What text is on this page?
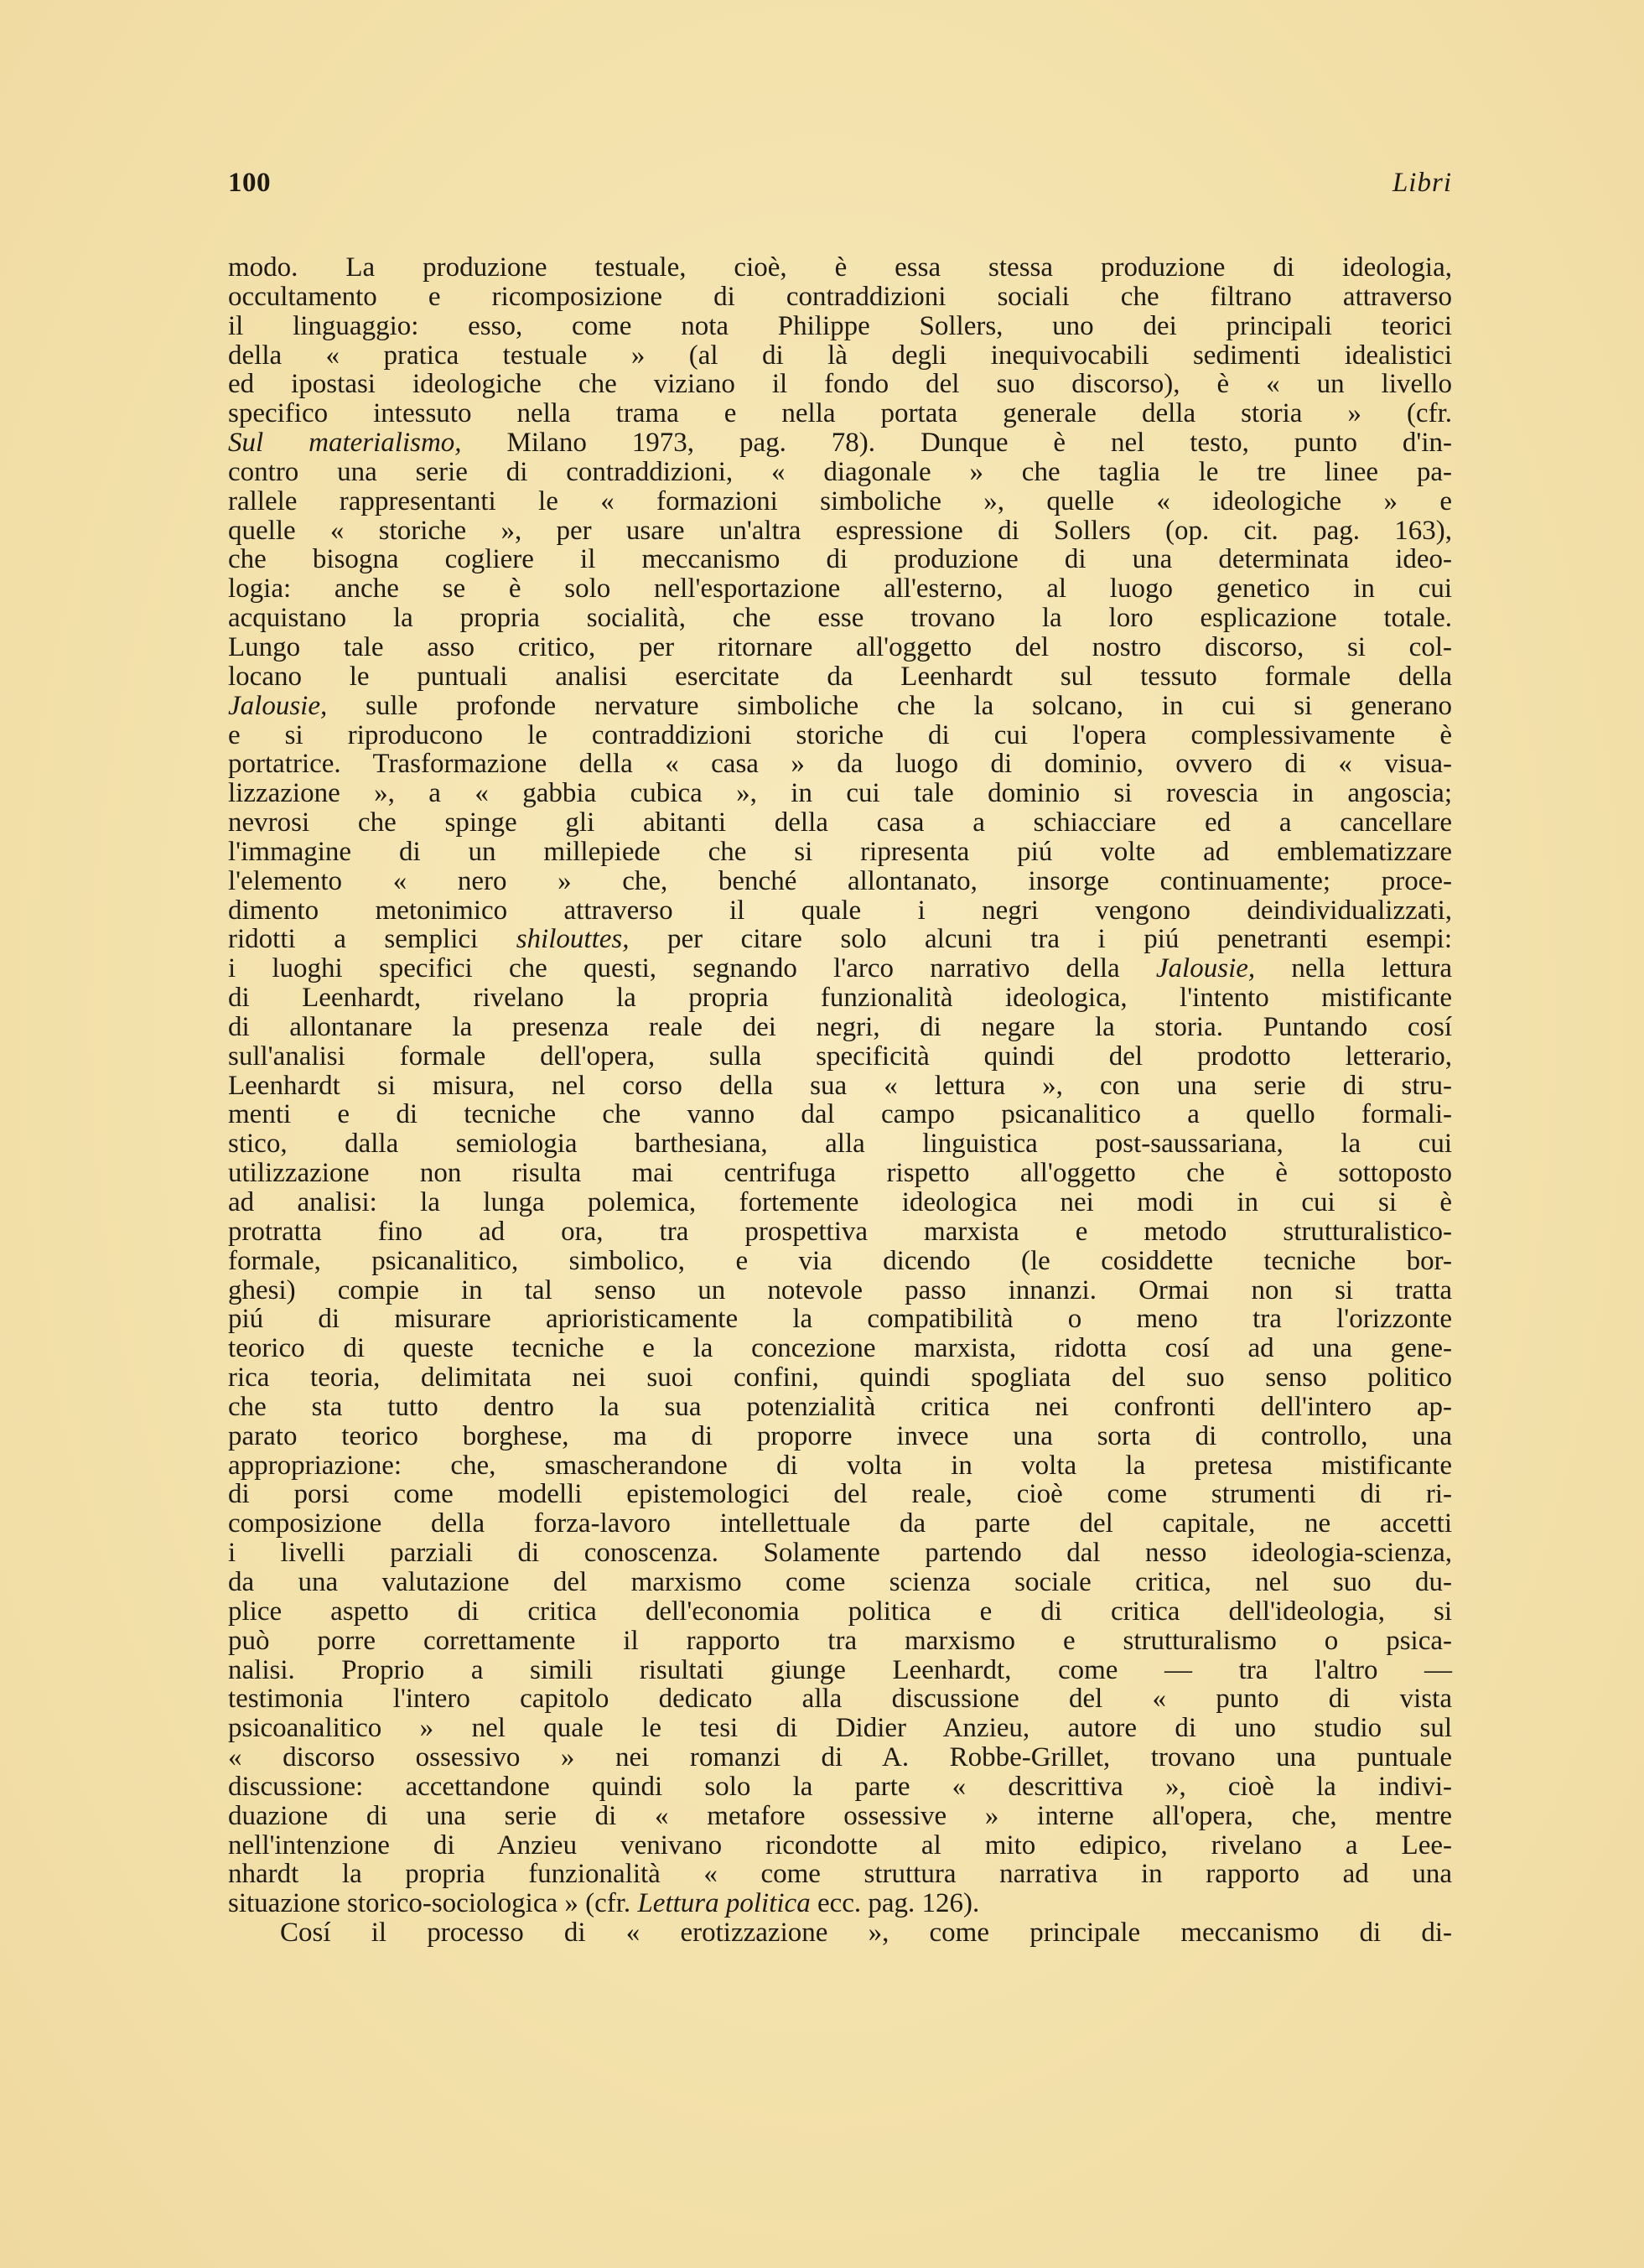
100	Libri
modo. La produzione testuale, cioè, è essa stessa produzione di ideologia,
occultamento e ricomposizione di contraddizioni sociali che filtrano attraverso
il linguaggio: esso, come nota Philippe Sollers, uno dei principali teorici
della « pratica testuale » (al di là degli inequivocabili sedimenti idealistici
ed ipostasi ideologiche che viziano il fondo del suo discorso), è « un livello
specifico intessuto nella trama e nella portata generale della storia » (cfr.
Sul materialismo, Milano 1973, pag. 78). Dunque è nel testo, punto d'in-
contro una serie di contraddizioni, « diagonale » che taglia le tre linee pa-
rallele rappresentanti le « formazioni simboliche », quelle « ideologiche » e
quelle « storiche », per usare un'altra espressione di Sollers (op. cit. pag. 163),
che bisogna cogliere il meccanismo di produzione di una determinata ideo-
logia: anche se è solo nell'esportazione all'esterno, al luogo genetico in cui
acquistano la propria socialità, che esse trovano la loro esplicazione totale.
Lungo tale asso critico, per ritornare all'oggetto del nostro discorso, si col-
locano le puntuali analisi esercitate da Leenhardt sul tessuto formale della
Jalousie, sulle profonde nervature simboliche che la solcano, in cui si generano
e si riproducono le contraddizioni storiche di cui l'opera complessivamente è
portatrice. Trasformazione della « casa » da luogo di dominio, ovvero di « visua-
lizzazione », a « gabbia cubica », in cui tale dominio si rovescia in angoscia;
nevrosi che spinge gli abitanti della casa a schiacciare ed a cancellare
l'immagine di un millepiede che si ripresenta piú volte ad emblematizzare
l'elemento « nero » che, benché allontanato, insorge continuamente; proce-
dimento metonimico attraverso il quale i negri vengono deindividualizzati,
ridotti a semplici shilouttes, per citare solo alcuni tra i piú penetranti esempi:
i luoghi specifici che questi, segnando l'arco narrativo della Jalousie, nella lettura
di Leenhardt, rivelano la propria funzionalità ideologica, l'intento mistificante
di allontanare la presenza reale dei negri, di negare la storia. Puntando cosí
sull'analisi formale dell'opera, sulla specificità quindi del prodotto letterario,
Leenhardt si misura, nel corso della sua « lettura », con una serie di stru-
menti e di tecniche che vanno dal campo psicanalitico a quello formali-
stico, dalla semiologia barthesiana, alla linguistica post-saussariana, la cui
utilizzazione non risulta mai centrifuga rispetto all'oggetto che è sottoposto
ad analisi: la lunga polemica, fortemente ideologica nei modi in cui si è
protratta fino ad ora, tra prospettiva marxista e metodo strutturalistico-
formale, psicanalitico, simbolico, e via dicendo (le cosiddette tecniche bor-
ghesi) compie in tal senso un notevole passo innanzi. Ormai non si tratta
piú di misurare aprioristicamente la compatibilità o meno tra l'orizzonte
teorico di queste tecniche e la concezione marxista, ridotta cosí ad una gene-
rica teoria, delimitata nei suoi confini, quindi spogliata del suo senso politico
che sta tutto dentro la sua potenzialità critica nei confronti dell'intero ap-
parato teorico borghese, ma di proporre invece una sorta di controllo, una
appropriazione: che, smascherandone di volta in volta la pretesa mistificante
di porsi come modelli epistemologici del reale, cioè come strumenti di ri-
composizione della forza-lavoro intellettuale da parte del capitale, ne accetti
i livelli parziali di conoscenza. Solamente partendo dal nesso ideologia-scienza,
da una valutazione del marxismo come scienza sociale critica, nel suo du-
plice aspetto di critica dell'economia politica e di critica dell'ideologia, si
può porre correttamente il rapporto tra marxismo e strutturalismo o psica-
nalisi. Proprio a simili risultati giunge Leenhardt, come — tra l'altro —
testimonia l'intero capitolo dedicato alla discussione del « punto di vista
psicoanalitico » nel quale le tesi di Didier Anzieu, autore di uno studio sul
« discorso ossessivo » nei romanzi di A. Robbe-Grillet, trovano una puntuale
discussione: accettandone quindi solo la parte « descrittiva », cioè la indivi-
duazione di una serie di « metafore ossessive » interne all'opera, che, mentre
nell'intenzione di Anzieu venivano ricondotte al mito edipico, rivelano a Lee-
nhardt la propria funzionalità « come struttura narrativa in rapporto ad una
situazione storico-sociologica » (cfr. Lettura politica ecc. pag. 126).
Cosí il processo di « erotizzazione », come principale meccanismo di di-
